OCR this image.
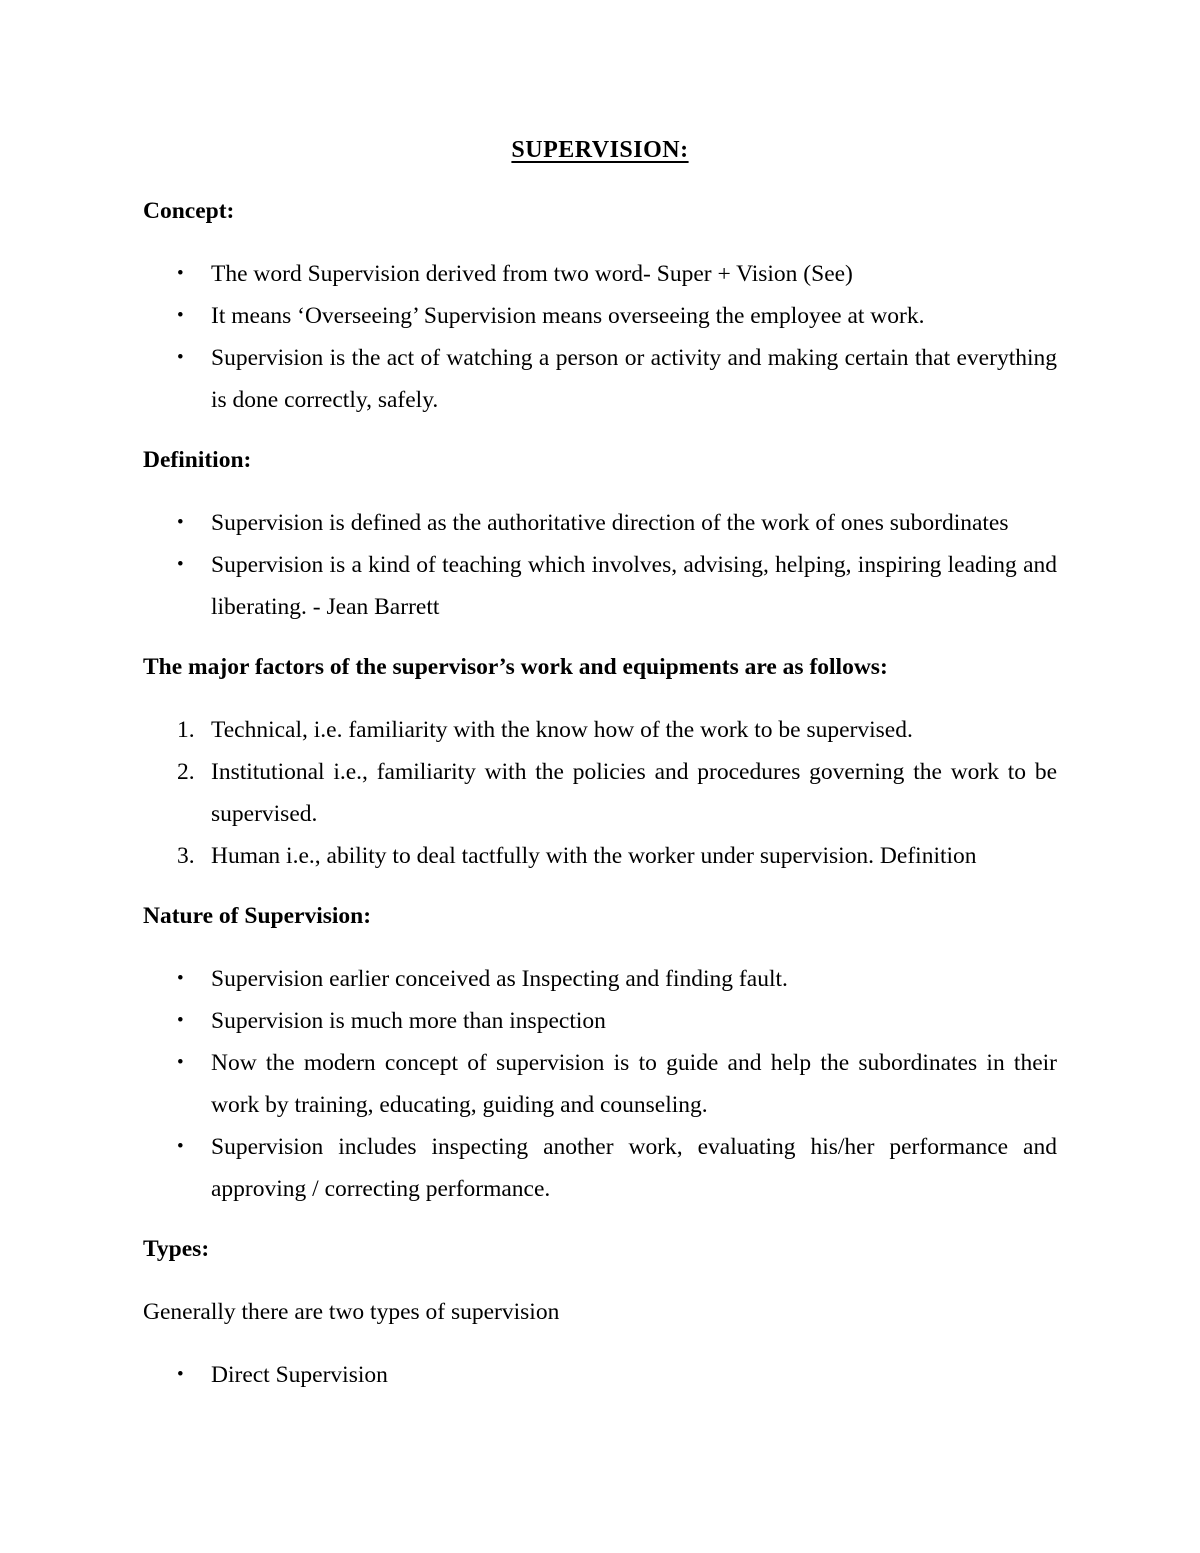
SUPERVISION:
Concept:
• The word Supervision derived from two word- Super + Vision (See)
• It means ‘Overseeing’ Supervision means overseeing the employee at work.
• Supervision is the act of watching a person or activity and making certain that everything is done correctly, safely.
Definition:
• Supervision is defined as the authoritative direction of the work of ones subordinates
• Supervision is a kind of teaching which involves, advising, helping, inspiring leading and liberating. - Jean Barrett
The major factors of the supervisor’s work and equipments are as follows:
1. Technical, i.e. familiarity with the know how of the work to be supervised.
2. Institutional i.e., familiarity with the policies and procedures governing the work to be supervised.
3. Human i.e., ability to deal tactfully with the worker under supervision. Definition
Nature of Supervision:
• Supervision earlier conceived as Inspecting and finding fault.
• Supervision is much more than inspection
• Now the modern concept of supervision is to guide and help the subordinates in their work by training, educating, guiding and counseling.
• Supervision includes inspecting another work, evaluating his/her performance and approving / correcting performance.
Types:

Generally there are two types of supervision

• Direct Supervision
